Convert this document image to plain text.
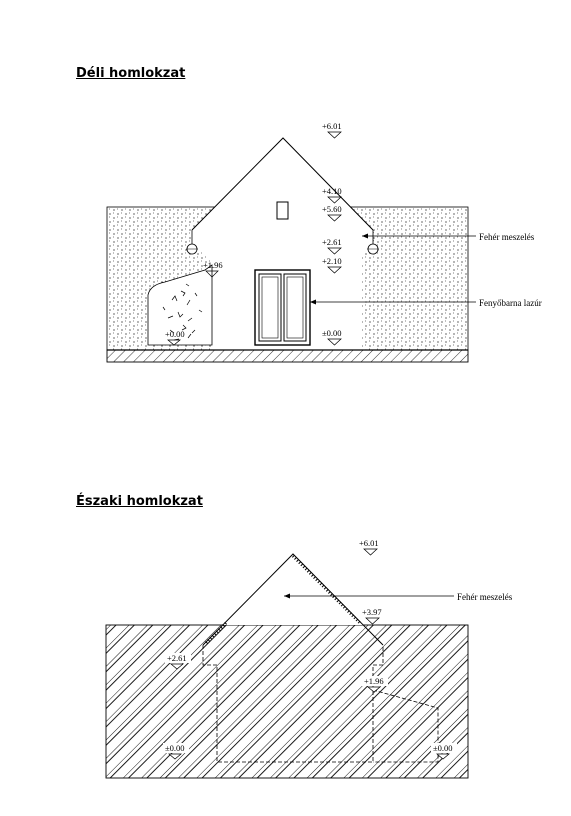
Déli homlokzat
Északi homlokzat
+6.01
+4.10
+5.60
+2.61
+2.10
+1.96
+0.00	±0.00
Fehér meszelés
Fenyőbarna lazúr
+6.01
+3.97
+2.61
+1.96
±0.00	±0.00
Fehér meszelés
